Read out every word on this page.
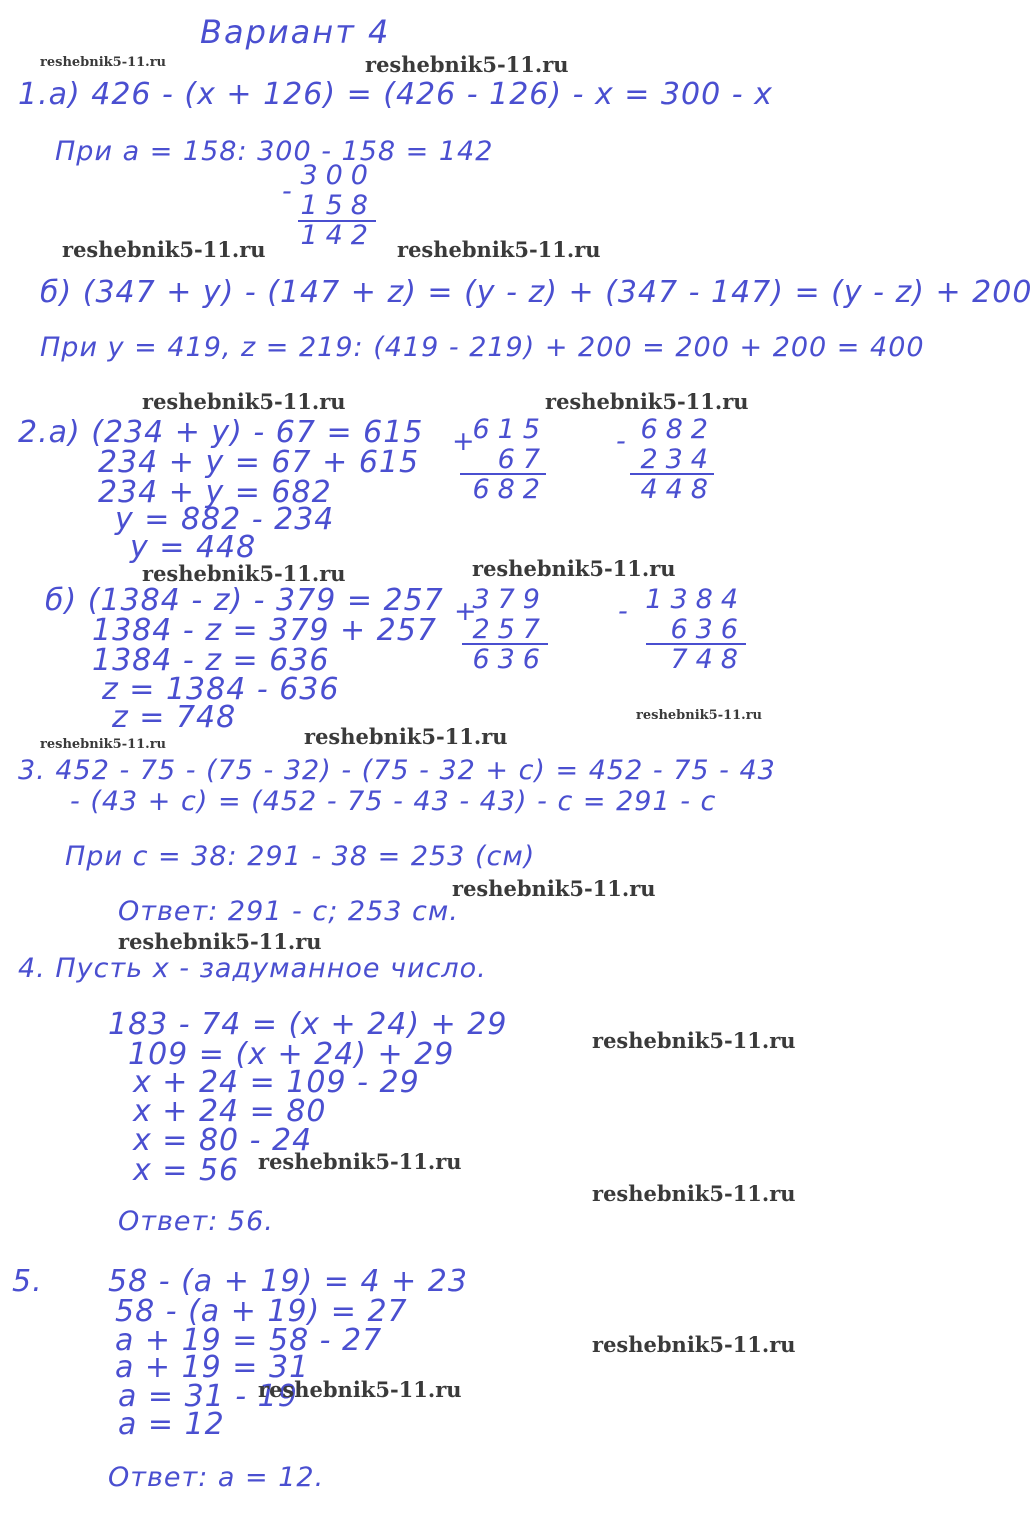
Вариант 4
1.а) 426 - (x + 126) = (426 - 126) - x = 300 - x
При a = 158: 300 - 158 = 142
-
300
158
142
б) (347 + y) - (147 + z) = (y - z) + (347 - 147) = (y - z) + 200
При y = 419, z = 219: (419 - 219) + 200 = 200 + 200 = 400
2.а) (234 + y) - 67 = 615
234 + y = 67 + 615
234 + y = 682
y = 882 - 234
y = 448
+
615
67
682
- 682
234
448
б) (1384 - z) - 379 = 257
1384 - z = 379 + 257
1384 - z = 636
z = 1384 - 636
z = 748
+
379
257
636
- 1384
636
748
3. 452 - 75 - (75 - 32) - (75 - 32 + c) = 452 - 75 - 43
- (43 + c) = (452 - 75 - 43 - 43) - c = 291 - c
При c = 38: 291 - 38 = 253 (см)
Ответ: 291 - c; 253 см.
4. Пусть x - задуманное число.
183 - 74 = (x + 24) + 29
109 = (x + 24) + 29
x + 24 = 109 - 29
x + 24 = 80
x = 80 - 24
x = 56
Ответ: 56.
5. 58 - (a + 19) = 4 + 23
58 - (a + 19) = 27
a + 19 = 58 - 27
a + 19 = 31
a = 31 - 19
a = 12
Ответ: a = 12.
reshebnik5-11.ru	reshebnik5-11.ru
reshebnik5-11.ru	reshebnik5-11.ru
reshebnik5-11.ru	reshebnik5-11.ru
reshebnik5-11.ru	reshebnik5-11.ru
reshebnik5-11.ru
reshebnik5-11.ru	reshebnik5-11.ru
reshebnik5-11.ru
reshebnik5-11.ru
reshebnik5-11.ru
reshebnik5-11.ru
reshebnik5-11.ru
reshebnik5-11.ru
reshebnik5-11.ru
